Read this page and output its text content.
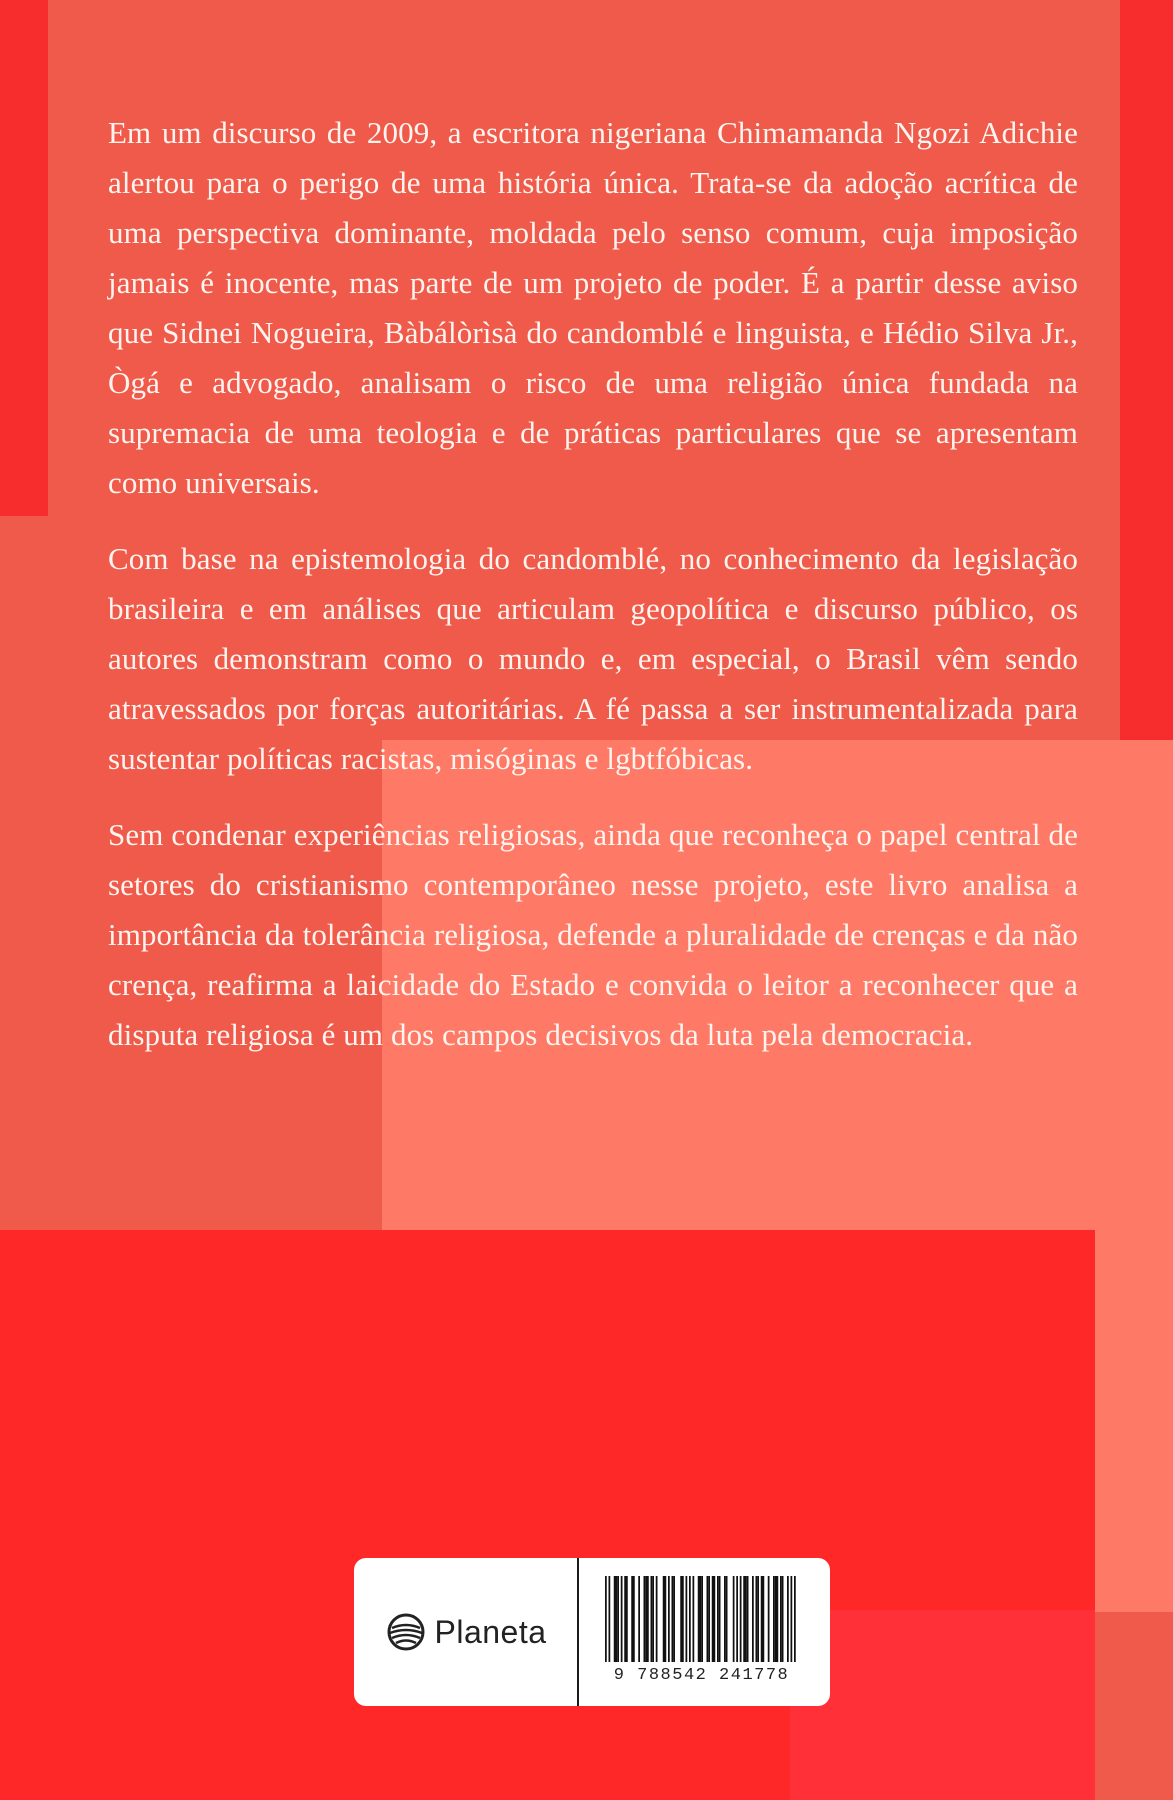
Em um discurso de 2009, a escritora nigeriana Chimamanda Ngozi Adichie alertou para o perigo de uma história única. Trata-se da adoção acrítica de uma perspectiva dominante, moldada pelo senso comum, cuja imposição jamais é inocente, mas parte de um projeto de poder. É a partir desse aviso que Sidnei Nogueira, Bàbálòrìsà do candomblé e linguista, e Hédio Silva Jr., Ògá e advogado, analisam o risco de uma religião única fundada na supremacia de uma teologia e de práticas particulares que se apresentam como universais.

Com base na epistemologia do candomblé, no conhecimento da legislação brasileira e em análises que articulam geopolítica e discurso público, os autores demonstram como o mundo e, em especial, o Brasil vêm sendo atravessados por forças autoritárias. A fé passa a ser instrumentalizada para sustentar políticas racistas, misóginas e lgbtfóbicas.

Sem condenar experiências religiosas, ainda que reconheça o papel central de setores do cristianismo contemporâneo nesse projeto, este livro analisa a importância da tolerância religiosa, defende a pluralidade de crenças e da não crença, reafirma a laicidade do Estado e convida o leitor a reconhecer que a disputa religiosa é um dos campos decisivos da luta pela democracia.

Planeta
9 788542 241778
